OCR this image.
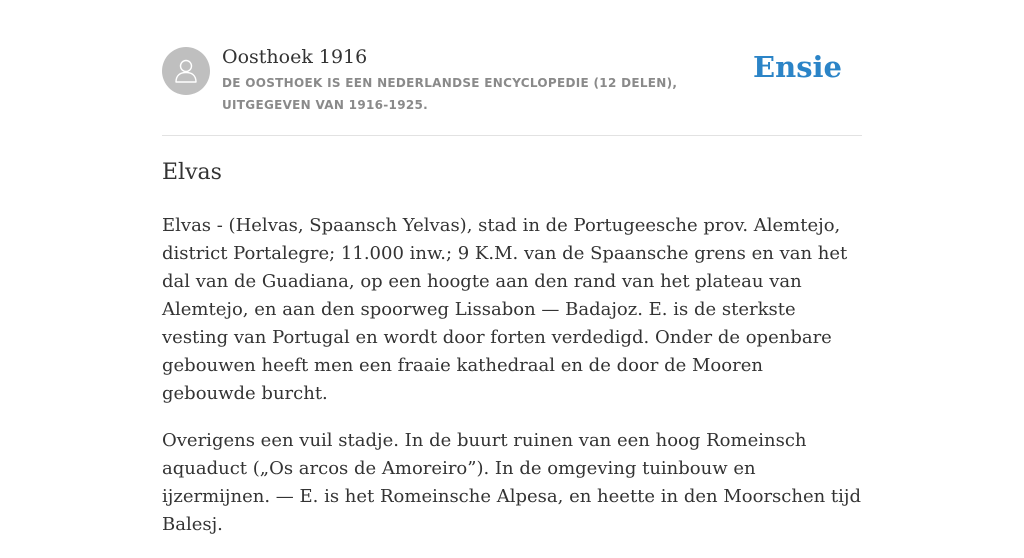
Oosthoek 1916
DE OOSTHOEK IS EEN NEDERLANDSE ENCYCLOPEDIE (12 DELEN), UITGEGEVEN VAN 1916-1925.
Ensie
Elvas

Elvas - (Helvas, Spaansch Yelvas), stad in de Portugeesche prov. Alemtejo, district Portalegre; 11.000 inw.; 9 K.M. van de Spaansche grens en van het dal van de Guadiana, op een hoogte aan den rand van het plateau van Alemtejo, en aan den spoorweg Lissabon — Badajoz. E. is de sterkste vesting van Portugal en wordt door forten verdedigd. Onder de openbare gebouwen heeft men een fraaie kathedraal en de door de Mooren gebouwde burcht.

Overigens een vuil stadje. In de buurt ruinen van een hoog Romeinsch aquaduct („Os arcos de Amoreiro”). In de omgeving tuinbouw en ijzermijnen. — E. is het Romeinsche Alpesa, en heette in den Moorschen tijd Balesj.
